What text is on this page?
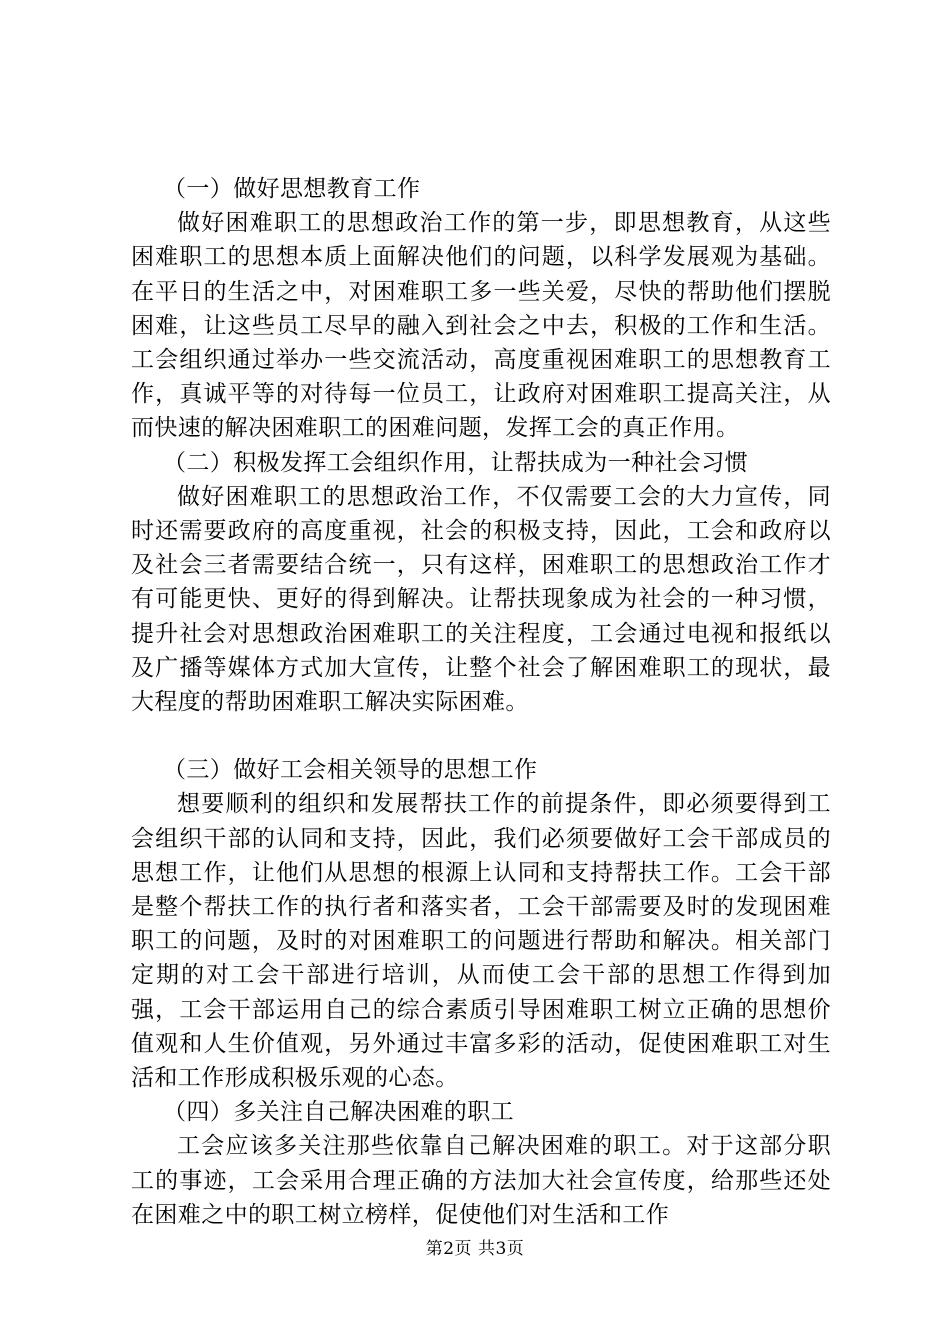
（一）做好思想教育工作

做好困难职工的思想政治工作的第一步，即思想教育，从这些困难职工的思想本质上面解决他们的问题，以科学发展观为基础。在平日的生活之中，对困难职工多一些关爱，尽快的帮助他们摆脱困难，让这些员工尽早的融入到社会之中去，积极的工作和生活。工会组织通过举办一些交流活动，高度重视困难职工的思想教育工作，真诚平等的对待每一位员工，让政府对困难职工提高关注，从而快速的解决困难职工的困难问题，发挥工会的真正作用。

（二）积极发挥工会组织作用，让帮扶成为一种社会习惯

做好困难职工的思想政治工作，不仅需要工会的大力宣传，同时还需要政府的高度重视，社会的积极支持，因此，工会和政府以及社会三者需要结合统一，只有这样，困难职工的思想政治工作才有可能更快、更好的得到解决。让帮扶现象成为社会的一种习惯，提升社会对思想政治困难职工的关注程度，工会通过电视和报纸以及广播等媒体方式加大宣传，让整个社会了解困难职工的现状，最大程度的帮助困难职工解决实际困难。

（三）做好工会相关领导的思想工作

想要顺利的组织和发展帮扶工作的前提条件，即必须要得到工会组织干部的认同和支持，因此，我们必须要做好工会干部成员的思想工作，让他们从思想的根源上认同和支持帮扶工作。工会干部是整个帮扶工作的执行者和落实者，工会干部需要及时的发现困难职工的问题，及时的对困难职工的问题进行帮助和解决。相关部门定期的对工会干部进行培训，从而使工会干部的思想工作得到加强，工会干部运用自己的综合素质引导困难职工树立正确的思想价值观和人生价值观，另外通过丰富多彩的活动，促使困难职工对生活和工作形成积极乐观的心态。

（四）多关注自己解决困难的职工

工会应该多关注那些依靠自己解决困难的职工。对于这部分职工的事迹，工会采用合理正确的方法加大社会宣传度，给那些还处在困难之中的职工树立榜样，促使他们对生活和工作

第2页 共3页
